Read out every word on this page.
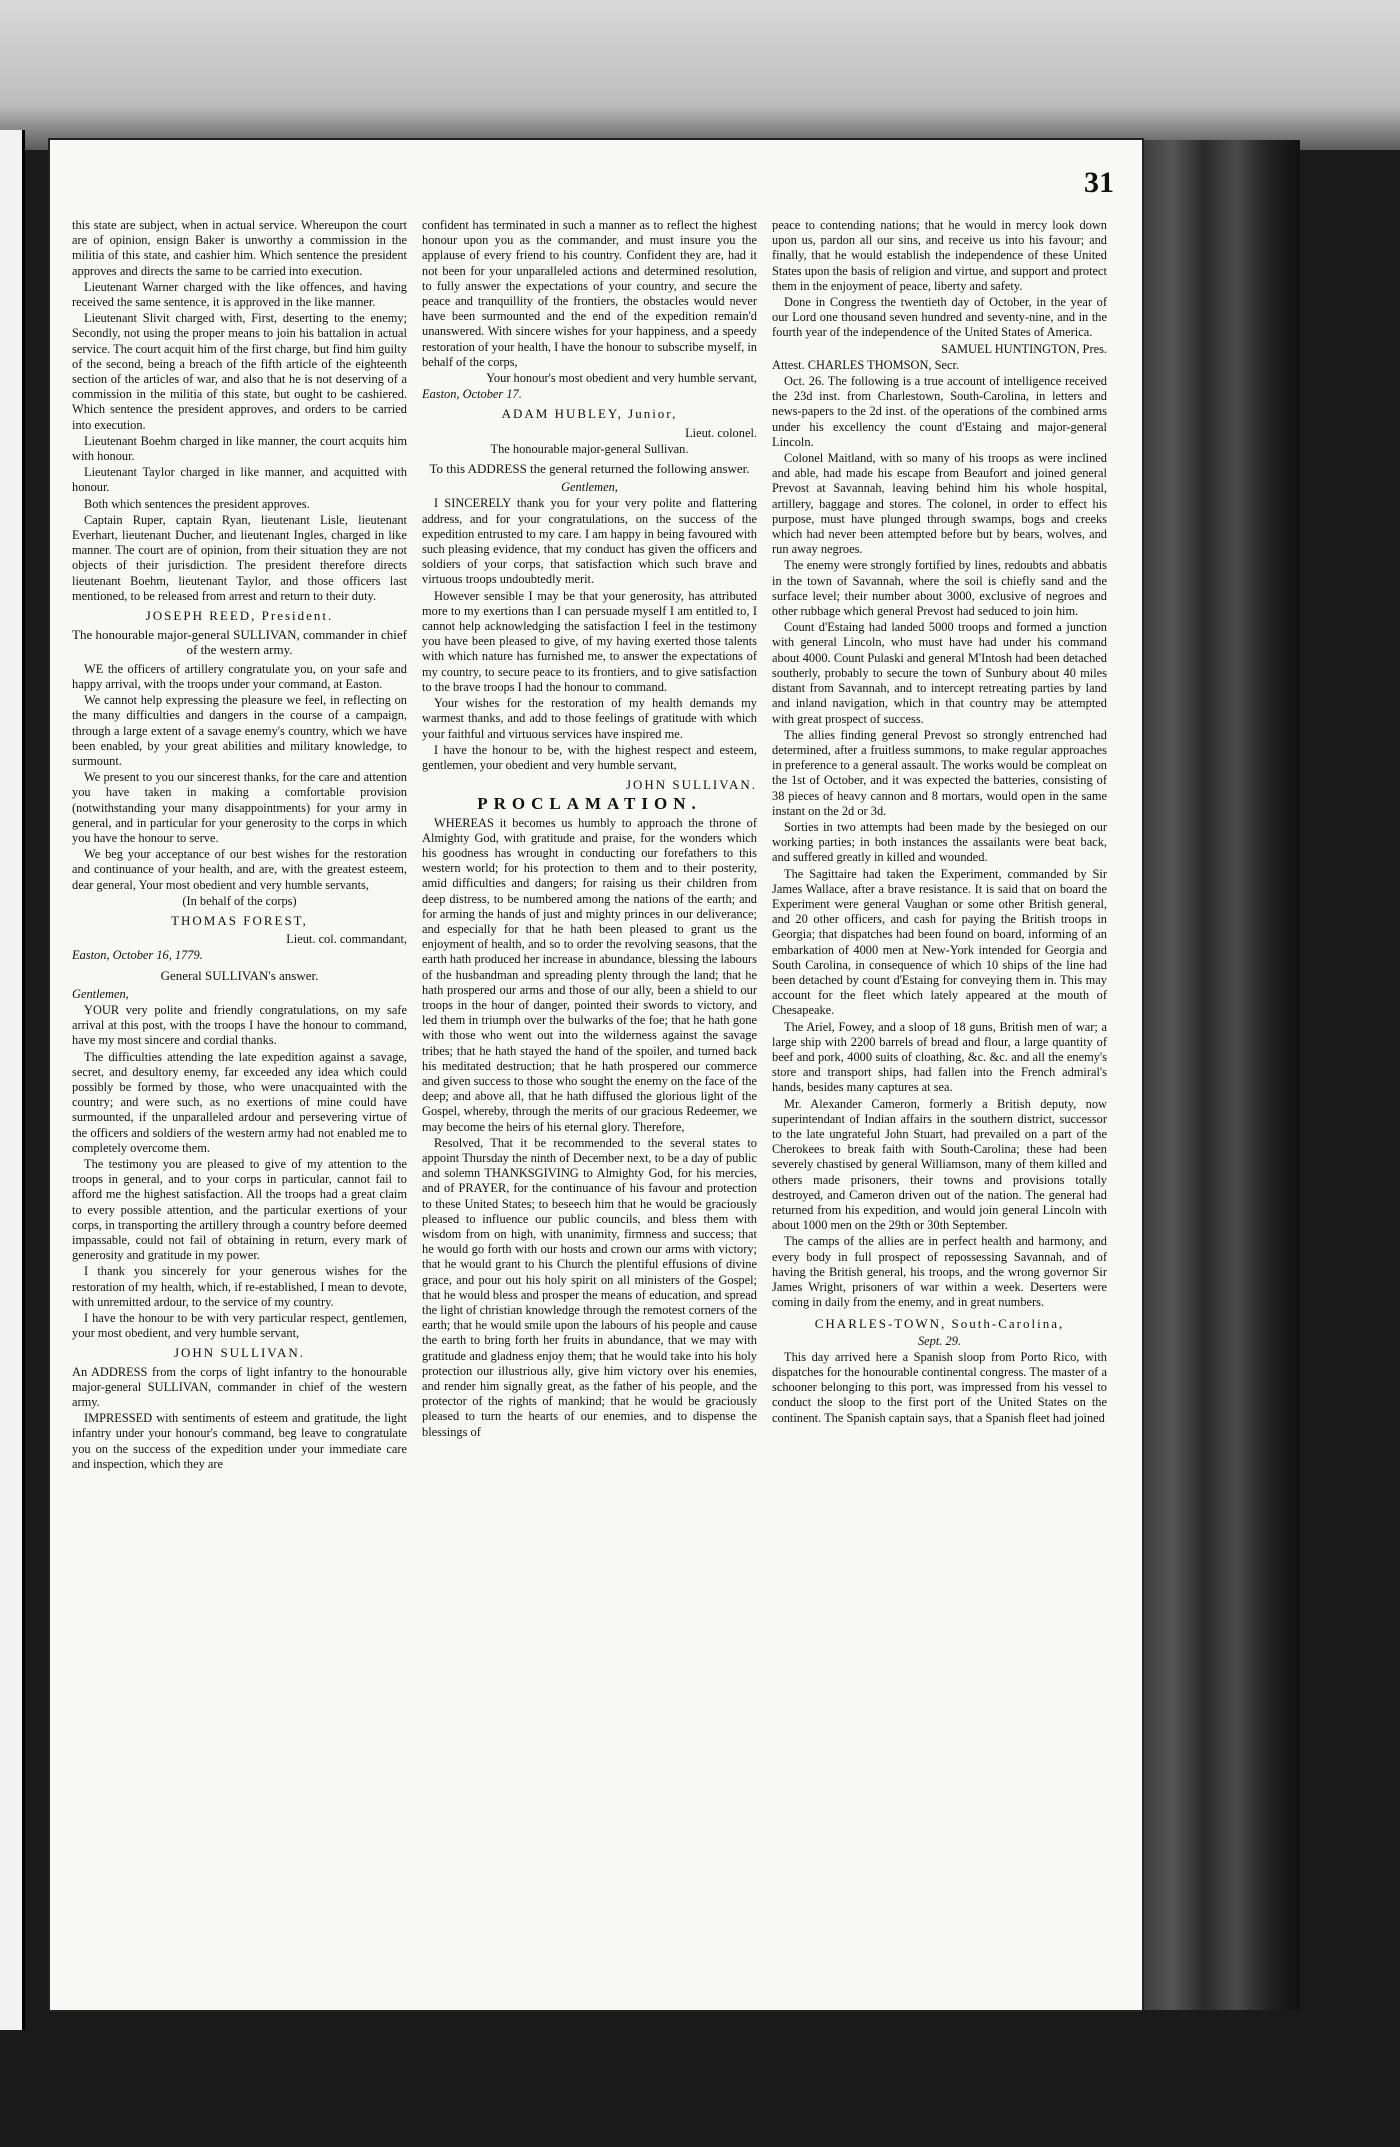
31

this state are subject, when in actual service. Whereupon the court are of opinion, ensign Baker is unworthy a commission in the militia of this state, and cashier him. Which sentence the president approves and directs the same to be carried into execution.

Lieutenant Warner charged with the like offences, and having received the same sentence, it is approved in the like manner.

Lieutenant Slivit charged with, First, deserting to the enemy; Secondly, not using the proper means to join his battalion in actual service. The court acquit him of the first charge, but find him guilty of the second, being a breach of the fifth article of the eighteenth section of the articles of war, and also that he is not deserving of a commission in the militia of this state, but ought to be cashiered. Which sentence the president approves, and orders to be carried into execution.

Lieutenant Boehm charged in like manner, the court acquits him with honour.

Lieutenant Taylor charged in like manner, and acquitted with honour.

Both which sentences the president approves.

Captain Ruper, captain Ryan, lieutenant Lisle, lieutenant Everhart, lieutenant Ducher, and lieutenant Ingles, charged in like manner. The court are of opinion, from their situation they are not objects of their jurisdiction. The president therefore directs lieutenant Boehm, lieutenant Taylor, and those officers last mentioned, to be released from arrest and return to their duty.

JOSEPH REED, President.

The honourable major-general SULLIVAN, commander in chief of the western army.

WE the officers of artillery congratulate you, on your safe and happy arrival, with the troops under your command, at Easton.

We cannot help expressing the pleasure we feel, in reflecting on the many difficulties and dangers in the course of a campaign, through a large extent of a savage enemy's country, which we have been enabled, by your great abilities and military knowledge, to surmount.

We present to you our sincerest thanks, for the care and attention you have taken in making a comfortable provision (notwithstanding your many disappointments) for your army in general, and in particular for your generosity to the corps in which you have the honour to serve.

We beg your acceptance of our best wishes for the restoration and continuance of your health, and are, with the greatest esteem, dear general, Your most obedient and very humble servants,

(In behalf of the corps)

THOMAS FOREST,

Lieut. col. commandant,

Easton, October 16, 1779.

General SULLIVAN's answer.

Gentlemen,

YOUR very polite and friendly congratulations, on my safe arrival at this post, with the troops I have the honour to command, have my most sincere and cordial thanks.

The difficulties attending the late expedition against a savage, secret, and desultory enemy, far exceeded any idea which could possibly be formed by those, who were unacquainted with the country; and were such, as no exertions of mine could have surmounted, if the unparalleled ardour and persevering virtue of the officers and soldiers of the western army had not enabled me to completely overcome them.

The testimony you are pleased to give of my attention to the troops in general, and to your corps in particular, cannot fail to afford me the highest satisfaction. All the troops had a great claim to every possible attention, and the particular exertions of your corps, in transporting the artillery through a country before deemed impassable, could not fail of obtaining in return, every mark of generosity and gratitude in my power.

I thank you sincerely for your generous wishes for the restoration of my health, which, if re-established, I mean to devote, with unremitted ardour, to the service of my country.

I have the honour to be with very particular respect, gentlemen, your most obedient, and very humble servant,

JOHN SULLIVAN.

An ADDRESS from the corps of light infantry to the honourable major-general SULLIVAN, commander in chief of the western army.

IMPRESSED with sentiments of esteem and gratitude, the light infantry under your honour's command, beg leave to congratulate you on the success of the expedition under your immediate care and inspection, which they are

confident has terminated in such a manner as to reflect the highest honour upon you as the commander, and must insure you the applause of every friend to his country. Confident they are, had it not been for your unparalleled actions and determined resolution, to fully answer the expectations of your country, and secure the peace and tranquillity of the frontiers, the obstacles would never have been surmounted and the end of the expedition remain'd unanswered. With sincere wishes for your happiness, and a speedy restoration of your health, I have the honour to subscribe myself, in behalf of the corps,

Your honour's most obedient and very humble servant,

Easton, October 17.

ADAM HUBLEY, Junior,

Lieut. colonel.

The honourable major-general Sullivan.

To this ADDRESS the general returned the following answer.

Gentlemen,

I SINCERELY thank you for your very polite and flattering address, and for your congratulations, on the success of the expedition entrusted to my care. I am happy in being favoured with such pleasing evidence, that my conduct has given the officers and soldiers of your corps, that satisfaction which such brave and virtuous troops undoubtedly merit.

However sensible I may be that your generosity, has attributed more to my exertions than I can persuade myself I am entitled to, I cannot help acknowledging the satisfaction I feel in the testimony you have been pleased to give, of my having exerted those talents with which nature has furnished me, to answer the expectations of my country, to secure peace to its frontiers, and to give satisfaction to the brave troops I had the honour to command.

Your wishes for the restoration of my health demands my warmest thanks, and add to those feelings of gratitude with which your faithful and virtuous services have inspired me.

I have the honour to be, with the highest respect and esteem, gentlemen, your obedient and very humble servant,

JOHN SULLIVAN.

PROCLAMATION.

WHEREAS it becomes us humbly to approach the throne of Almighty God, with gratitude and praise, for the wonders which his goodness has wrought in conducting our forefathers to this western world; for his protection to them and to their posterity, amid difficulties and dangers; for raising us their children from deep distress, to be numbered among the nations of the earth; and for arming the hands of just and mighty princes in our deliverance; and especially for that he hath been pleased to grant us the enjoyment of health, and so to order the revolving seasons, that the earth hath produced her increase in abundance, blessing the labours of the husbandman and spreading plenty through the land; that he hath prospered our arms and those of our ally, been a shield to our troops in the hour of danger, pointed their swords to victory, and led them in triumph over the bulwarks of the foe; that he hath gone with those who went out into the wilderness against the savage tribes; that he hath stayed the hand of the spoiler, and turned back his meditated destruction; that he hath prospered our commerce and given success to those who sought the enemy on the face of the deep; and above all, that he hath diffused the glorious light of the Gospel, whereby, through the merits of our gracious Redeemer, we may become the heirs of his eternal glory. Therefore,

Resolved, That it be recommended to the several states to appoint Thursday the ninth of December next, to be a day of public and solemn THANKSGIVING to Almighty God, for his mercies, and of PRAYER, for the continuance of his favour and protection to these United States; to beseech him that he would be graciously pleased to influence our public councils, and bless them with wisdom from on high, with unanimity, firmness and success; that he would go forth with our hosts and crown our arms with victory; that he would grant to his Church the plentiful effusions of divine grace, and pour out his holy spirit on all ministers of the Gospel; that he would bless and prosper the means of education, and spread the light of christian knowledge through the remotest corners of the earth; that he would smile upon the labours of his people and cause the earth to bring forth her fruits in abundance, that we may with gratitude and gladness enjoy them; that he would take into his holy protection our illustrious ally, give him victory over his enemies, and render him signally great, as the father of his people, and the protector of the rights of mankind; that he would be graciously pleased to turn the hearts of our enemies, and to dispense the blessings of

peace to contending nations; that he would in mercy look down upon us, pardon all our sins, and receive us into his favour; and finally, that he would establish the independence of these United States upon the basis of religion and virtue, and support and protect them in the enjoyment of peace, liberty and safety.

Done in Congress the twentieth day of October, in the year of our Lord one thousand seven hundred and seventy-nine, and in the fourth year of the independence of the United States of America.

SAMUEL HUNTINGTON, Pres.

Attest. CHARLES THOMSON, Secr.

Oct. 26. The following is a true account of intelligence received the 23d inst. from Charlestown, South-Carolina, in letters and news-papers to the 2d inst. of the operations of the combined arms under his excellency the count d'Estaing and major-general Lincoln.

Colonel Maitland, with so many of his troops as were inclined and able, had made his escape from Beaufort and joined general Prevost at Savannah, leaving behind him his whole hospital, artillery, baggage and stores. The colonel, in order to effect his purpose, must have plunged through swamps, bogs and creeks which had never been attempted before but by bears, wolves, and run away negroes.

The enemy were strongly fortified by lines, redoubts and abbatis in the town of Savannah, where the soil is chiefly sand and the surface level; their number about 3000, exclusive of negroes and other rubbage which general Prevost had seduced to join him.

Count d'Estaing had landed 5000 troops and formed a junction with general Lincoln, who must have had under his command about 4000. Count Pulaski and general M'Intosh had been detached southerly, probably to secure the town of Sunbury about 40 miles distant from Savannah, and to intercept retreating parties by land and inland navigation, which in that country may be attempted with great prospect of success.

The allies finding general Prevost so strongly entrenched had determined, after a fruitless summons, to make regular approaches in preference to a general assault. The works would be compleat on the 1st of October, and it was expected the batteries, consisting of 38 pieces of heavy cannon and 8 mortars, would open in the same instant on the 2d or 3d.

Sorties in two attempts had been made by the besieged on our working parties; in both instances the assailants were beat back, and suffered greatly in killed and wounded.

The Sagittaire had taken the Experiment, commanded by Sir James Wallace, after a brave resistance. It is said that on board the Experiment were general Vaughan or some other British general, and 20 other officers, and cash for paying the British troops in Georgia; that dispatches had been found on board, informing of an embarkation of 4000 men at New-York intended for Georgia and South Carolina, in consequence of which 10 ships of the line had been detached by count d'Estaing for conveying them in. This may account for the fleet which lately appeared at the mouth of Chesapeake.

The Ariel, Fowey, and a sloop of 18 guns, British men of war; a large ship with 2200 barrels of bread and flour, a large quantity of beef and pork, 4000 suits of cloathing, &c. &c. and all the enemy's store and transport ships, had fallen into the French admiral's hands, besides many captures at sea.

Mr. Alexander Cameron, formerly a British deputy, now superintendant of Indian affairs in the southern district, successor to the late ungrateful John Stuart, had prevailed on a part of the Cherokees to break faith with South-Carolina; these had been severely chastised by general Williamson, many of them killed and others made prisoners, their towns and provisions totally destroyed, and Cameron driven out of the nation. The general had returned from his expedition, and would join general Lincoln with about 1000 men on the 29th or 30th September.

The camps of the allies are in perfect health and harmony, and every body in full prospect of repossessing Savannah, and of having the British general, his troops, and the wrong governor Sir James Wright, prisoners of war within a week. Deserters were coming in daily from the enemy, and in great numbers.

CHARLES-TOWN, South-Carolina,

Sept. 29.

This day arrived here a Spanish sloop from Porto Rico, with dispatches for the honourable continental congress. The master of a schooner belonging to this port, was impressed from his vessel to conduct the sloop to the first port of the United States on the continent. The Spanish captain says, that a Spanish fleet had joined
